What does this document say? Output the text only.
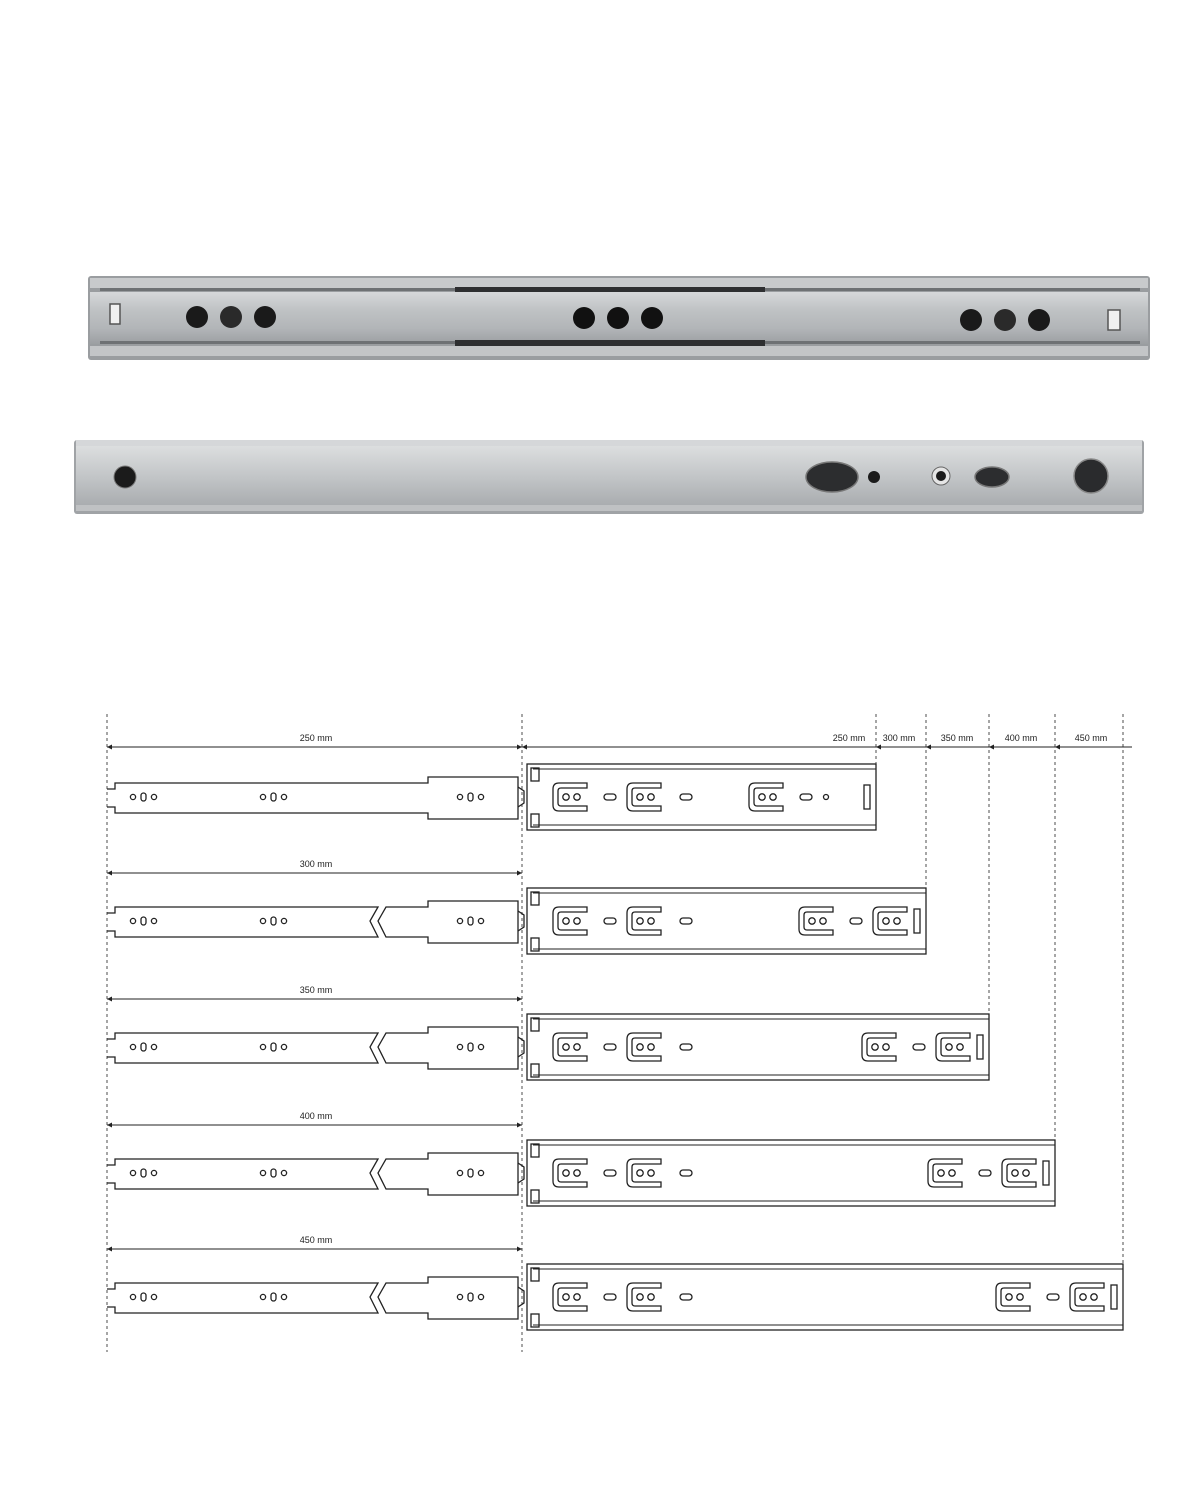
250 mm 300 mm	350 mm	400 mm	450 mm
250 mm
300 mm
350 mm
400 mm
450 mm
